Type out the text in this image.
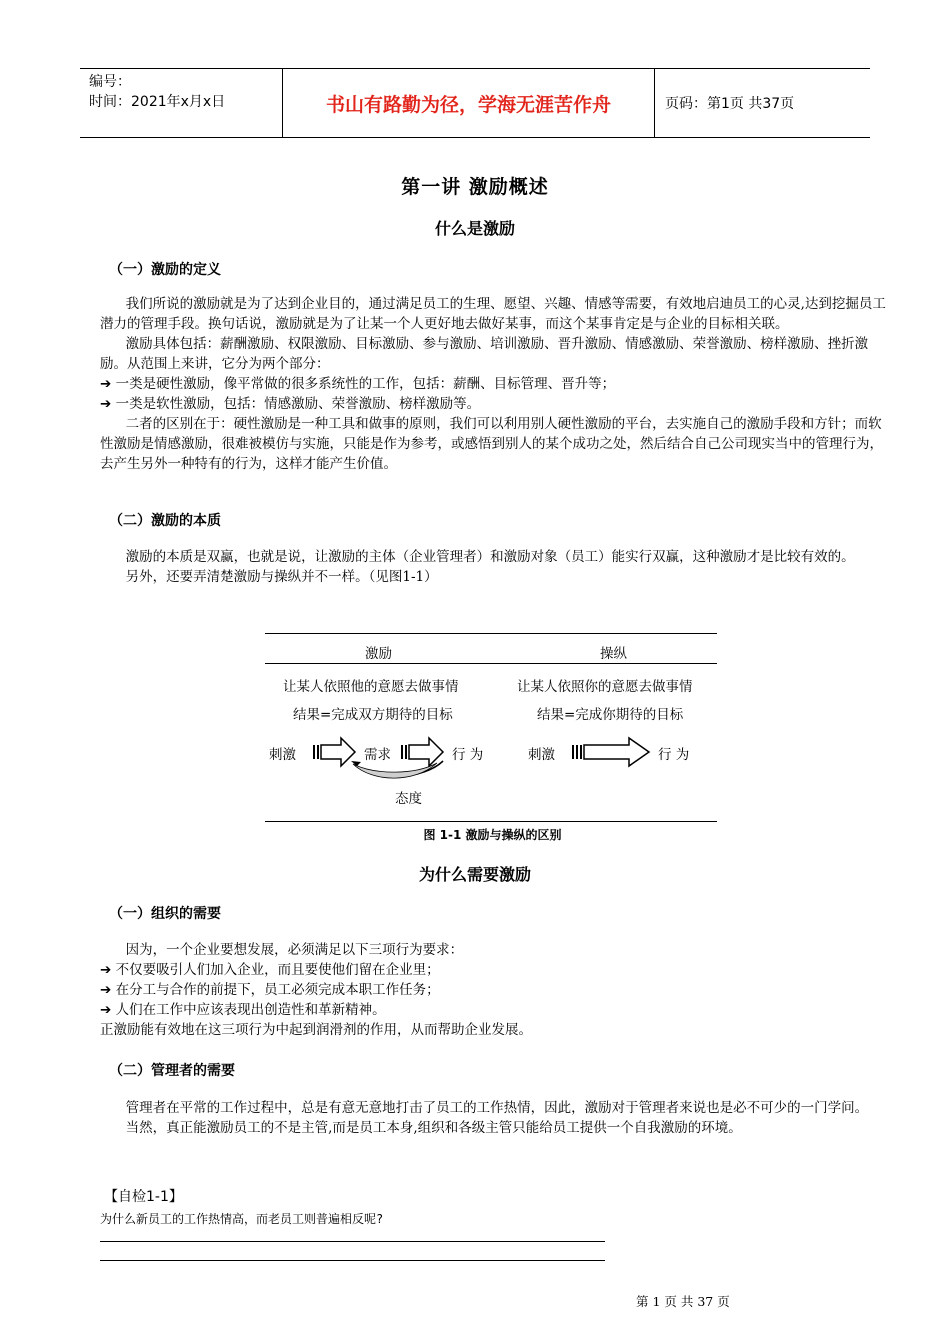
编号：
时间：2021年x月x日	书山有路勤为径，学海无涯苦作舟	页码：第1页 共37页
第一讲 激励概述
什么是激励
（一）激励的定义

我们所说的激励就是为了达到企业目的，通过满足员工的生理、愿望、兴趣、情感等需要，有效地启迪员工的心灵,达到挖掘员工潜力的管理手段。换句话说，激励就是为了让某一个人更好地去做好某事，而这个某事肯定是与企业的目标相关联。

激励具体包括：薪酬激励、权限激励、目标激励、参与激励、培训激励、晋升激励、情感激励、荣誉激励、榜样激励、挫折激励。从范围上来讲，它分为两个部分：

➔ 一类是硬性激励，像平常做的很多系统性的工作，包括：薪酬、目标管理、晋升等；

➔ 一类是软性激励，包括：情感激励、荣誉激励、榜样激励等。

二者的区别在于：硬性激励是一种工具和做事的原则，我们可以利用别人硬性激励的平台，去实施自己的激励手段和方针；而软性激励是情感激励，很难被模仿与实施，只能是作为参考，或感悟到别人的某个成功之处，然后结合自己公司现实当中的管理行为，去产生另外一种特有的行为，这样才能产生价值。

（二）激励的本质

激励的本质是双赢，也就是说，让激励的主体（企业管理者）和激励对象（员工）能实行双赢，这种激励才是比较有效的。

另外，还要弄清楚激励与操纵并不一样。（见图1-1）

激励	操纵
让某人依照他的意愿去做事情
结果=完成双方期待的目标
让某人依照你的意愿去做事情
结果=完成你期待的目标
刺激	需求	行 为
态度
刺激	行 为
图 1-1 激励与操纵的区别
为什么需要激励
（一）组织的需要

因为，一个企业要想发展，必须满足以下三项行为要求：

➔ 不仅要吸引人们加入企业，而且要使他们留在企业里；

➔ 在分工与合作的前提下，员工必须完成本职工作任务；

➔ 人们在工作中应该表现出创造性和革新精神。

正激励能有效地在这三项行为中起到润滑剂的作用，从而帮助企业发展。

（二）管理者的需要

管理者在平常的工作过程中，总是有意无意地打击了员工的工作热情，因此，激励对于管理者来说也是必不可少的一门学问。

当然，真正能激励员工的不是主管,而是员工本身,组织和各级主管只能给员工提供一个自我激励的环境。

【自检1-1】
为什么新员工的工作热情高，而老员工则普遍相反呢?
第 1 页 共 37 页
